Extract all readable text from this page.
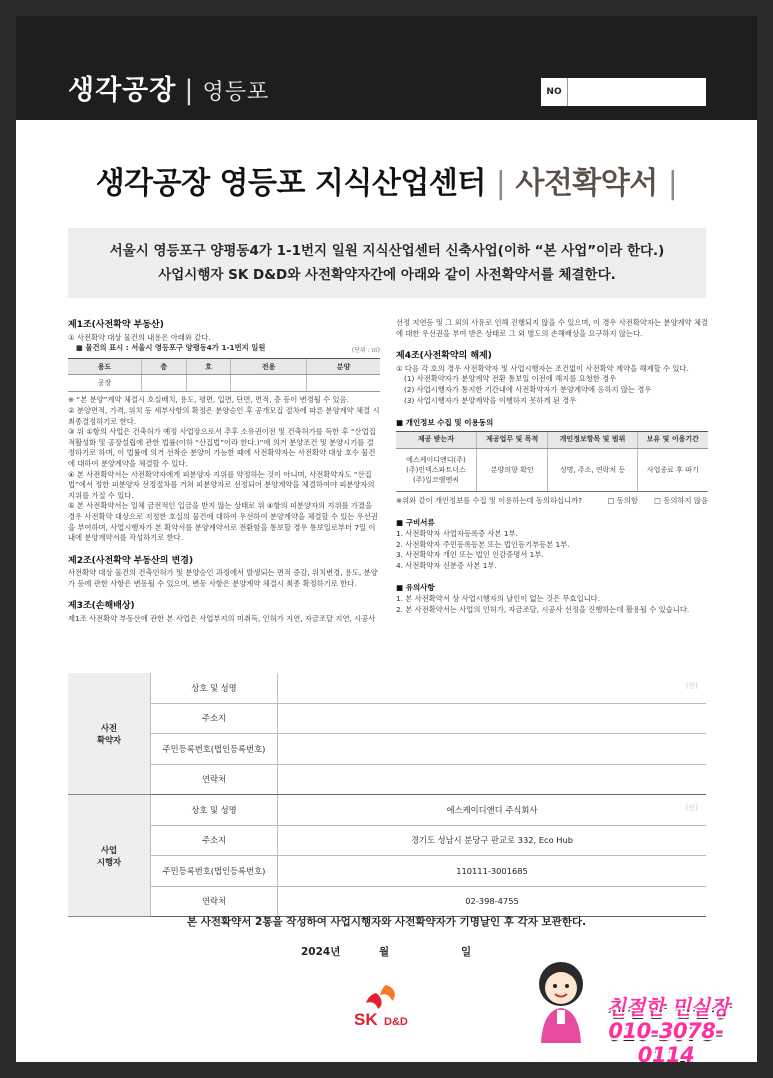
생각공장 | 영등포	NO
생각공장 영등포 지식산업센터 | 사전확약서 |
서울시 영등포구 양평동4가 1-1번지 일원 지식산업센터 신축사업(이하 “본 사업”이라 한다.)
사업시행자 SK D&D와 사전확약자간에 아래와 같이 사전확약서를 체결한다.
제1조(사전확약 부동산)

① 사전확약 대상 물건의 내용은 아래와 같다.

■ 물건의 표시 : 서울시 영등포구 양평동4가 1-1번지 일원	(단위 : ㎡)
용도	층	호	전용	분양
공장				

※ “본 분양”계약 체결시 호실배치, 용도, 평면, 입면, 단면, 면적, 층 등이 변경될 수 있음.

② 분양면적, 가격, 위치 등 세부사항의 확정은 분양승인 후 공개모집 절차에 따른 분양계약 체결 시 최종결정하기로 한다.

③ 위 ①항의 사업은 건축허가 예정 사업장으로서 추후 소유권이전 및 건축허가를 득한 후 “산업집적활성화 및 공장설립에 관한 법률(이하 “산집법”이라 한다.)”에 의거 분양조건 및 분양시기를 결정하기로 하며, 이 법률에 의거 선착순 분양이 가능한 때에 사전확약자는 사전확약 대상 호수 물건에 대하여 분양계약을 체결할 수 있다.

④ 본 사전확약서는 사전확약자에게 피분양자 지위를 약정하는 것이 아니며, 사전확약자도 “산집법”에서 정한 피분양자 선정절차를 거쳐 피분양자로 선정되어 분양계약을 체결하여야 피분양자의 지위를 가질 수 있다.

⑤ 본 사전확약서는 일체 금전적인 입금을 받지 않는 상태로 위 ④항의 피분양자의 지위를 가졌을 경우 사전확약 대상으로 지정한 호실의 물건에 대하여 우선하여 분양계약을 체결할 수 있는 우선권을 부여하며, 사업시행자가 본 확약서를 분양계약서로 전환함을 통보할 경우 통보일로부터 7일 이내에 분양계약서를 작성하기로 한다.

제2조(사전확약 부동산의 변경)

사전확약 대상 물건의 건축인허가 및 분양승인 과정에서 발생되는 면적 증감, 위치변경, 용도, 분양가 등에 관한 사항은 변동될 수 있으며, 변동 사항은 분양계약 체결시 최종 확정하기로 한다.

제3조(손해배상)

제1조 사전확약 부동산에 관한 본 사업은 사업부지의 미취득, 인허가 지연, 자금조달 지연, 시공사

선정 지연등 및 그 외의 사유로 인해 진행되지 않을 수 있으며, 이 경우 사전확약자는 분양계약 체결에 대한 우선권을 부여 받은 상태로 그 외 별도의 손해배상을 요구하지 않는다.

제4조(사전확약의 해제)

① 다음 각 호의 경우 사전확약자 및 사업시행자는 조건없이 사전확약 계약을 해제할 수 있다.

(1) 사전확약자가 분양계약 전환 통보일 이전에 해지를 요청한 경우

(2) 사업시행자가 통지한 기간내에 사전확약자가 분양계약에 응하지 않는 경우

(3) 사업시행자가 분양계약을 이행하지 못하게 된 경우

■ 개인정보 수집 및 이용동의
제공 받는자	제공업무 및 목적	개인정보항목 및 범위	보유 및 이용기간
에스케이디앤디(주)
(주)인덱스파트너스
(주)일코램앤씨	분양의향 확인	성명, 주소, 연락처 등	사업종료 후 파기
※위와 같이 개인정보를 수집 및 이용하는데 동의하십니까?	□ 동의함 □ 동의하지 않음
■ 구비서류

1. 사전확약자 사업자등록증 사본 1부.

2. 사전확약자 주민등록등본 또는 법인등기부등본 1부.

3. 사전확약자 개인 또는 법인 인감증명서 1부.

4. 사전확약자 신분증 사본 1부.

■ 유의사항

1. 본 사전확약서 상 사업시행자의 날인이 없는 것은 무효입니다.

2. 본 사전확약서는 사업의 인허가, 자금조달, 시공사 선정을 진행하는데 활용될 수 있습니다.

사전
확약자	상호 및 성명	(인)

	주소지	
	주민등록번호(법인등록번호)	
	연락처	
사업
시행자	상호 및 성명	에스케이디앤디 주식회사 (인)

	주소지	경기도 성남시 분당구 판교로 332, Eco Hub
	주민등록번호(법인등록번호)	110111-3001685
	연락처	02-398-4755
본 사전확약서 2통을 작성하여 사업시행자와 사전확약자가 기명날인 후 각자 보관한다.
2024년	월	일
SK D&D
친절한 민실장
010-3078-0114
